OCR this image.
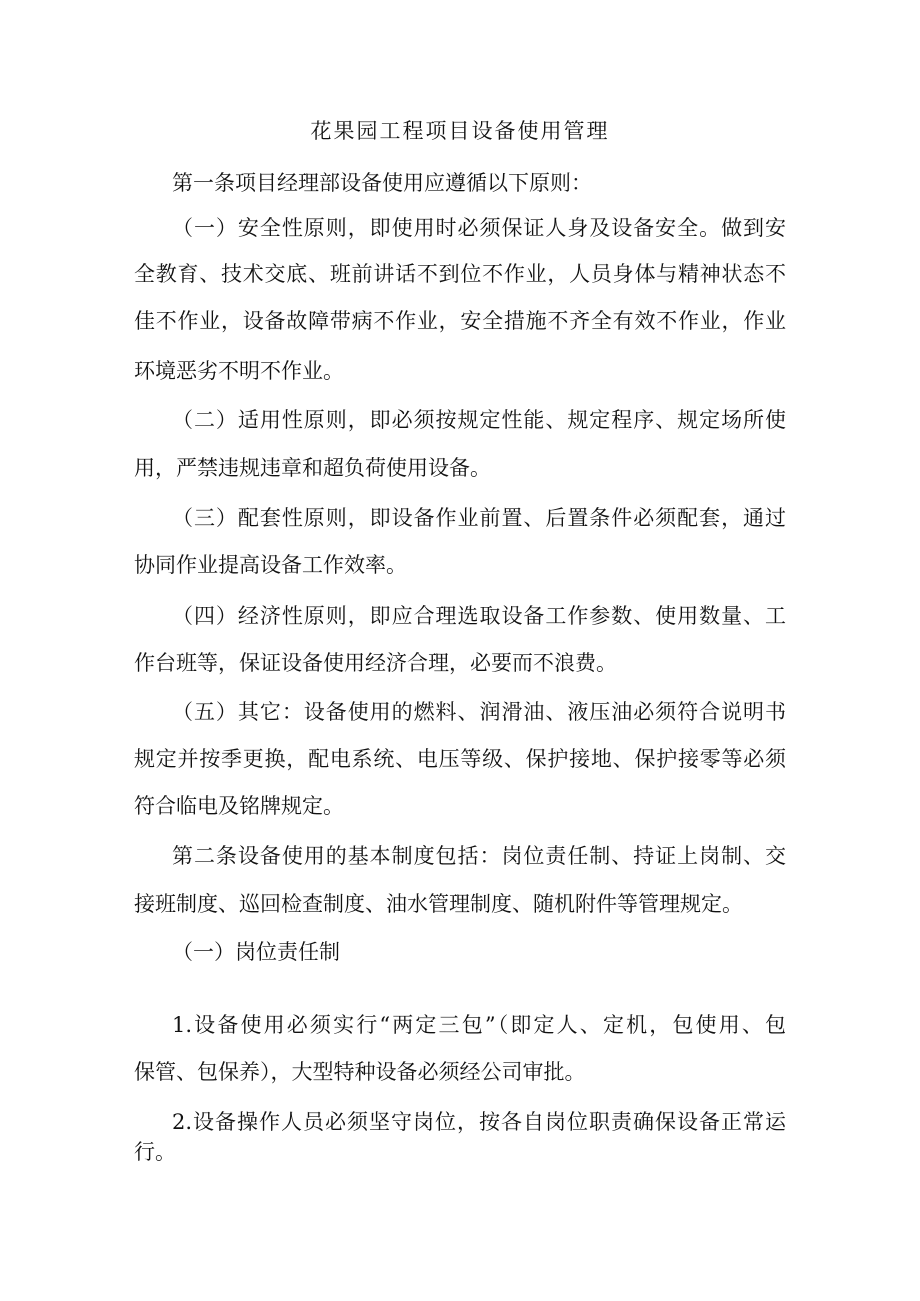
花果园工程项目设备使用管理
第一条项目经理部设备使用应遵循以下原则：
（一）安全性原则，即使用时必须保证人身及设备安全。做到安
全教育、技术交底、班前讲话不到位不作业，人员身体与精神状态不
佳不作业，设备故障带病不作业，安全措施不齐全有效不作业，作业
环境恶劣不明不作业。
（二）适用性原则，即必须按规定性能、规定程序、规定场所使
用，严禁违规违章和超负荷使用设备。
（三）配套性原则，即设备作业前置、后置条件必须配套，通过
协同作业提高设备工作效率。
（四）经济性原则，即应合理选取设备工作参数、使用数量、工
作台班等，保证设备使用经济合理，必要而不浪费。
（五）其它：设备使用的燃料、润滑油、液压油必须符合说明书
规定并按季更换，配电系统、电压等级、保护接地、保护接零等必须
符合临电及铭牌规定。
第二条设备使用的基本制度包括：岗位责任制、持证上岗制、交
接班制度、巡回检查制度、油水管理制度、随机附件等管理规定。
（一）岗位责任制
1.设备使用必须实行“两定三包”（即定人、定机，包使用、包
保管、包保养），大型特种设备必须经公司审批。
2.设备操作人员必须坚守岗位，按各自岗位职责确保设备正常运
行。
